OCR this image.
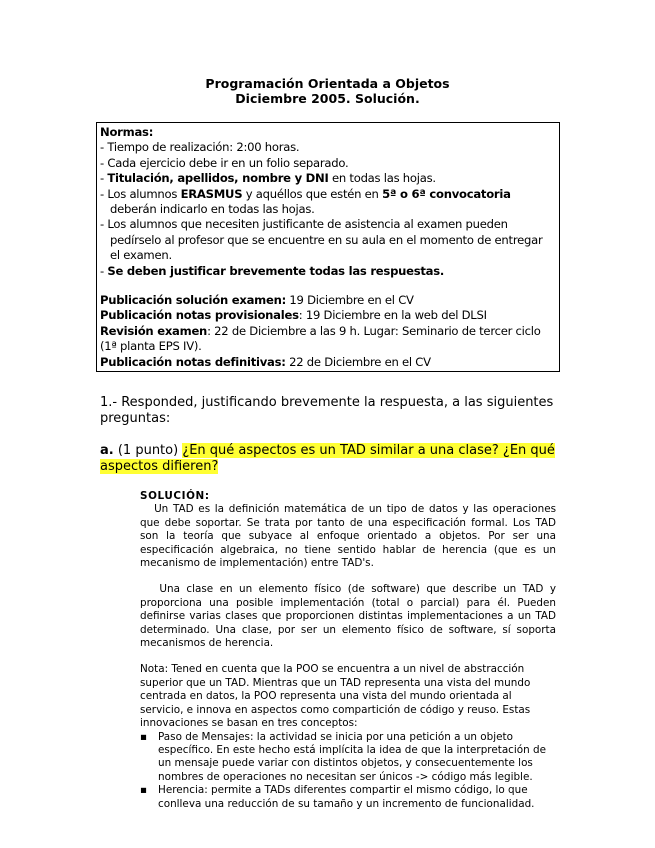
Programación Orientada a Objetos
Diciembre 2005. Solución.
Normas:
- Tiempo de realización: 2:00 horas.
- Cada ejercicio debe ir en un folio separado.
- Titulación, apellidos, nombre y DNI en todas las hojas.
- Los alumnos ERASMUS y aquéllos que estén en 5ª o 6ª convocatoria
deberán indicarlo en todas las hojas.
- Los alumnos que necesiten justificante de asistencia al examen pueden
pedírselo al profesor que se encuentre en su aula en el momento de entregar
el examen.
- Se deben justificar brevemente todas las respuestas.
Publicación solución examen: 19 Diciembre en el CV
Publicación notas provisionales: 19 Diciembre en la web del DLSI
Revisión examen: 22 de Diciembre a las 9 h. Lugar: Seminario de tercer ciclo
(1ª planta EPS IV).
Publicación notas definitivas: 22 de Diciembre en el CV
1.- Responded, justificando brevemente la respuesta, a las siguientes preguntas:
a. (1 punto) ¿En qué aspectos es un TAD similar a una clase? ¿En qué aspectos difieren?

SOLUCIÓN:

Un TAD es la definición matemática de un tipo de datos y las operaciones que debe soportar. Se trata por tanto de una especificación formal. Los TAD son la teoría que subyace al enfoque orientado a objetos. Por ser una especificación algebraica, no tiene sentido hablar de herencia (que es un mecanismo de implementación) entre TAD's.

Una clase en un elemento físico (de software) que describe un TAD y proporciona una posible implementación (total o parcial) para él. Pueden definirse varias clases que proporcionen distintas implementaciones a un TAD determinado. Una clase, por ser un elemento físico de software, sí soporta mecanismos de herencia.

Nota: Tened en cuenta que la POO se encuentra a un nivel de abstracción superior que un TAD. Mientras que un TAD representa una vista del mundo centrada en datos, la POO representa una vista del mundo orientada al servicio, e innova en aspectos como compartición de código y reuso. Estas innovaciones se basan en tres conceptos:

▪ Paso de Mensajes: la actividad se inicia por una petición a un objeto específico. En este hecho está implícita la idea de que la interpretación de un mensaje puede variar con distintos objetos, y consecuentemente los nombres de operaciones no necesitan ser únicos -> código más legible.
▪ Herencia: permite a TADs diferentes compartir el mismo código, lo que conlleva una reducción de su tamaño y un incremento de funcionalidad.
